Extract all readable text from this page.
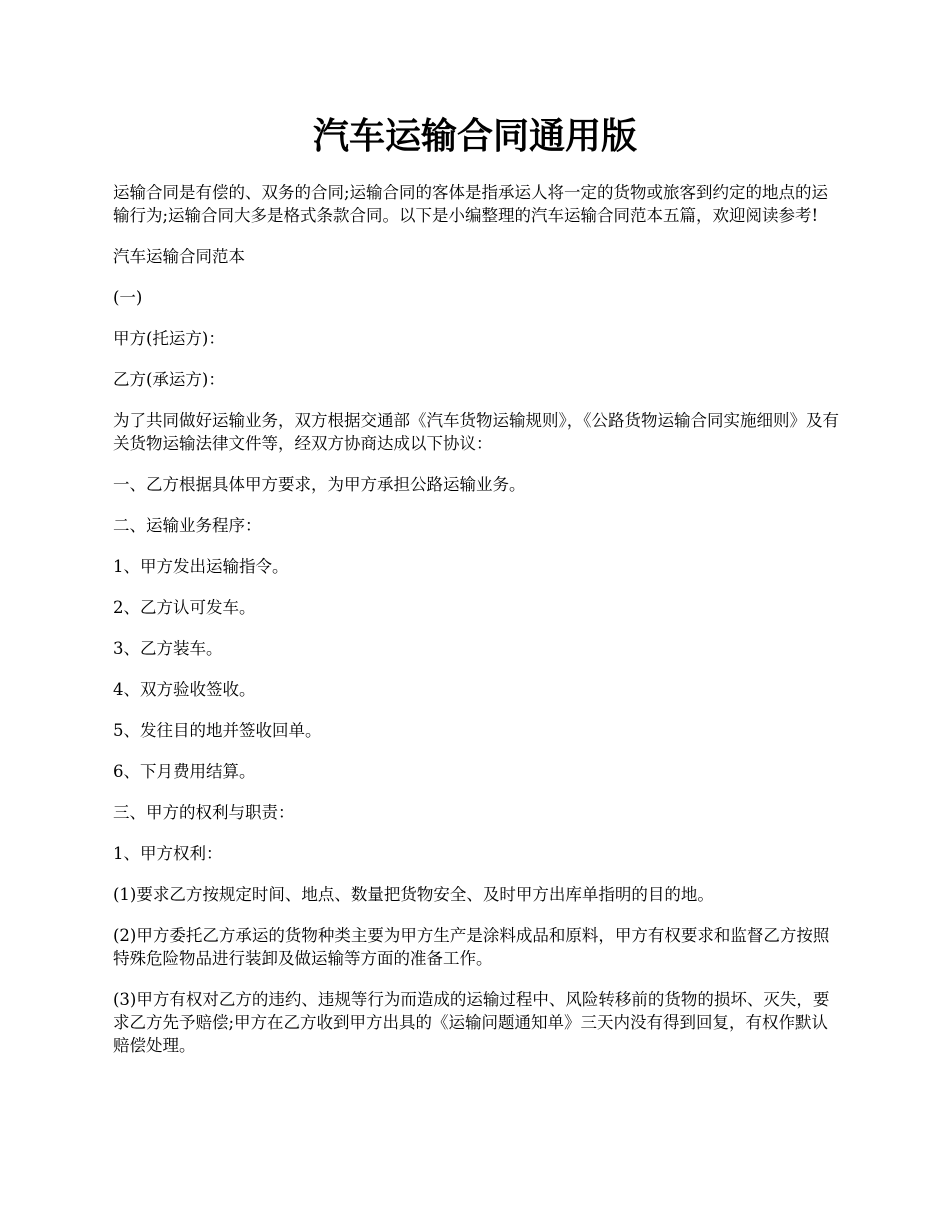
汽车运输合同通用版

运输合同是有偿的、双务的合同;运输合同的客体是指承运人将一定的货物或旅客到约定的地点的运输行为;运输合同大多是格式条款合同。以下是小编整理的汽车运输合同范本五篇，欢迎阅读参考!

汽车运输合同范本

(一)

甲方(托运方)：

乙方(承运方)：

为了共同做好运输业务，双方根据交通部《汽车货物运输规则》，《公路货物运输合同实施细则》及有关货物运输法律文件等，经双方协商达成以下协议：

一、乙方根据具体甲方要求，为甲方承担公路运输业务。

二、运输业务程序：

1、甲方发出运输指令。

2、乙方认可发车。

3、乙方装车。

4、双方验收签收。

5、发往目的地并签收回单。

6、下月费用结算。

三、甲方的权利与职责：

1、甲方权利：

(1)要求乙方按规定时间、地点、数量把货物安全、及时甲方出库单指明的目的地。

(2)甲方委托乙方承运的货物种类主要为甲方生产是涂料成品和原料，甲方有权要求和监督乙方按照特殊危险物品进行装卸及做运输等方面的准备工作。

(3)甲方有权对乙方的违约、违规等行为而造成的运输过程中、风险转移前的货物的损坏、灭失，要求乙方先予赔偿;甲方在乙方收到甲方出具的《运输问题通知单》三天内没有得到回复，有权作默认赔偿处理。
